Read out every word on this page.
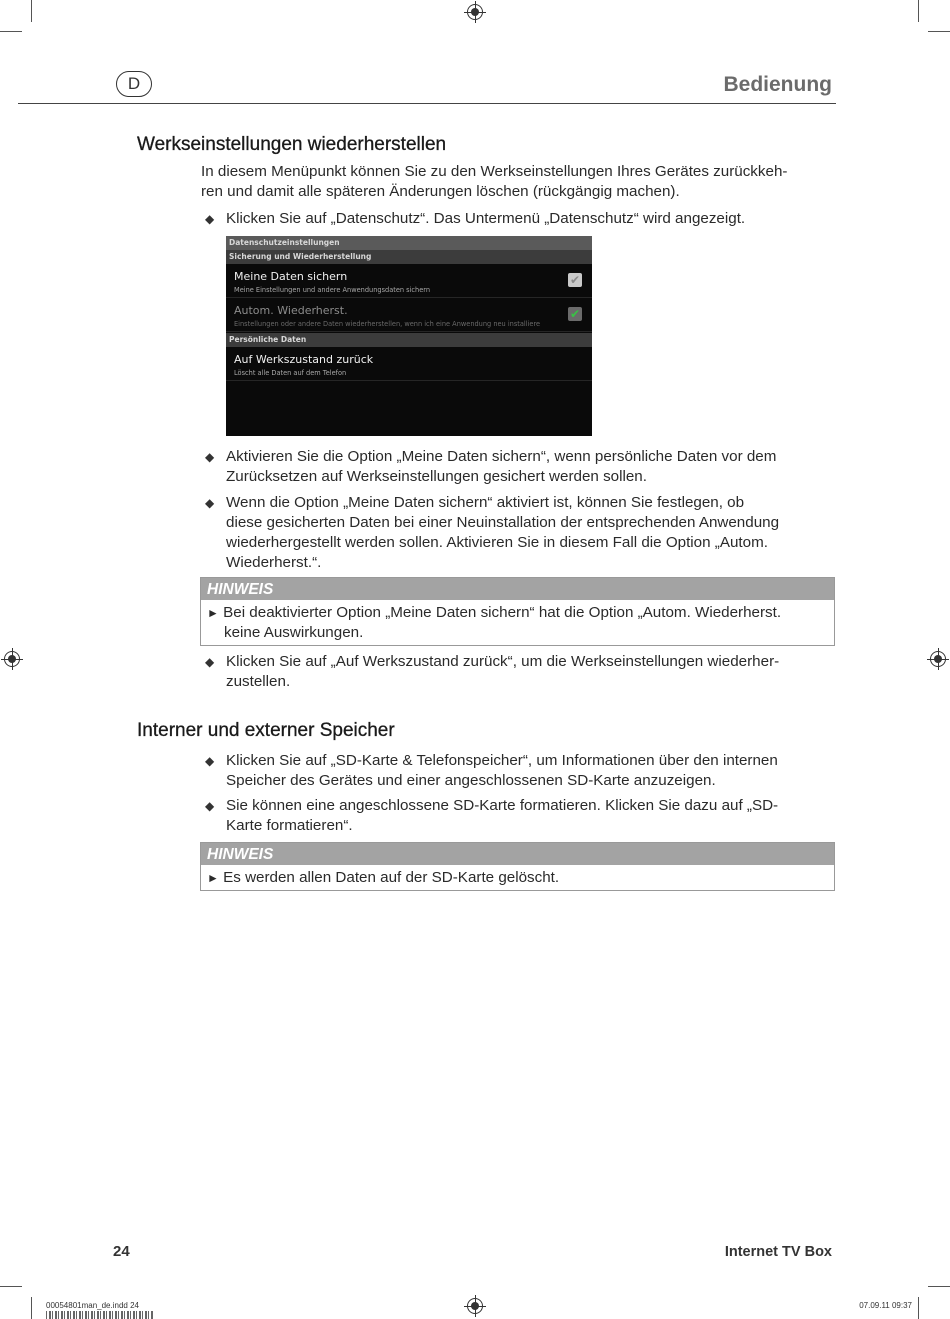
D	Bedienung
Werkseinstellungen wiederherstellen
In diesem Menüpunkt können Sie zu den Werkseinstellungen Ihres Gerätes zurückkeh-
ren und damit alle späteren Änderungen löschen (rückgängig machen).
◆ Klicken Sie auf „Datenschutz“. Das Untermenü „Datenschutz“ wird angezeigt.
Datenschutzeinstellungen
Sicherung und Wiederherstellung
Meine Daten sichern
Meine Einstellungen und andere Anwendungsdaten sichern
✔
Autom. Wiederherst.
Einstellungen oder andere Daten wiederherstellen, wenn ich eine Anwendung neu installiere
✔
Persönliche Daten
Auf Werkszustand zurück
Löscht alle Daten auf dem Telefon
◆ Aktivieren Sie die Option „Meine Daten sichern“, wenn persönliche Daten vor dem
Zurücksetzen auf Werkseinstellungen gesichert werden sollen.
◆ Wenn die Option „Meine Daten sichern“ aktiviert ist, können Sie festlegen, ob
diese gesicherten Daten bei einer Neuinstallation der entsprechenden Anwendung
wiederhergestellt werden sollen. Aktivieren Sie in diesem Fall die Option „Autom.
Wiederherst.“.
HINWEIS
► Bei deaktivierter Option „Meine Daten sichern“ hat die Option „Autom. Wiederherst.
keine Auswirkungen.
◆ Klicken Sie auf „Auf Werkszustand zurück“, um die Werkseinstellungen wiederher-
zustellen.
Interner und externer Speicher
◆ Klicken Sie auf „SD-Karte & Telefonspeicher“, um Informationen über den internen
Speicher des Gerätes und einer angeschlossenen SD-Karte anzuzeigen.
◆ Sie können eine angeschlossene SD-Karte formatieren. Klicken Sie dazu auf „SD-
Karte formatieren“.
HINWEIS
► Es werden allen Daten auf der SD-Karte gelöscht.
24	Internet TV Box
00054801man_de.indd 24	07.09.11 09:37
